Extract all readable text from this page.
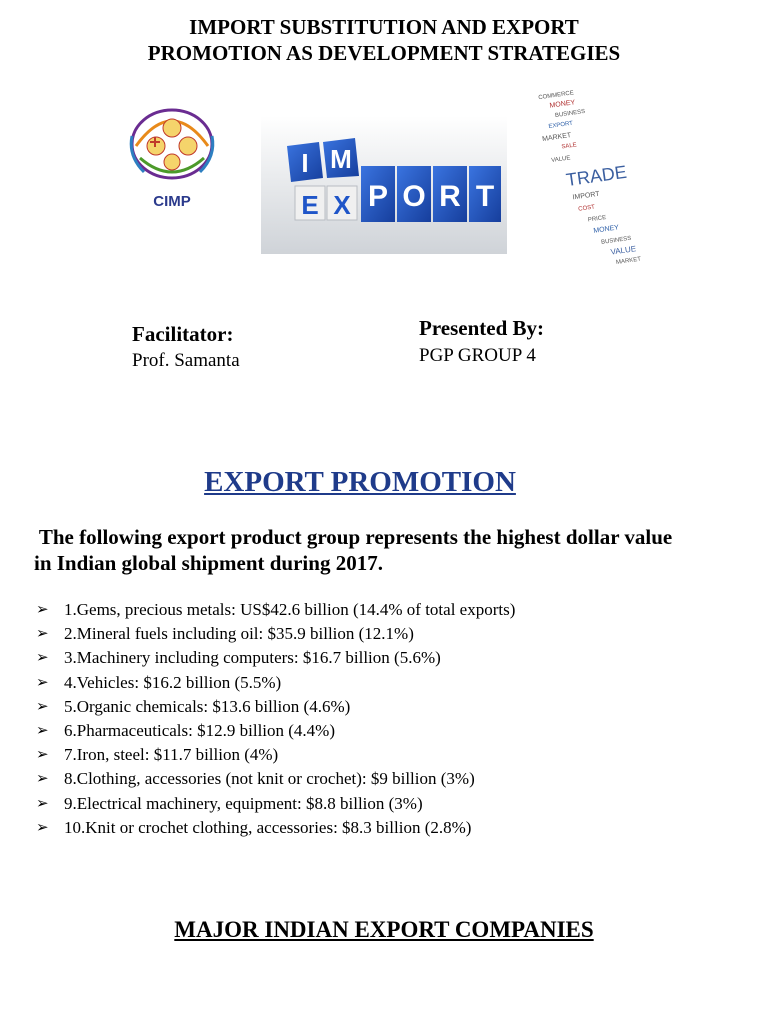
IMPORT SUBSTITUTION AND EXPORT
PROMOTION AS DEVELOPMENT STRATEGIES
CIMP
I M
E X P O R T
COMMERCE
MONEY
BUSINESS
EXPORT
MARKET
SALE
VALUE
TRADE
IMPORT
COST
PRICE
MONEY
BUSINESS
VALUE
MARKET
Facilitator:
Prof. Samanta
Presented By:
PGP GROUP 4
EXPORT PROMOTION
The following export product group represents the highest dollar value
in Indian global shipment during 2017.
➢ 1.Gems, precious metals: US$42.6 billion (14.4% of total exports)
➢ 2.Mineral fuels including oil: $35.9 billion (12.1%)
➢ 3.Machinery including computers: $16.7 billion (5.6%)
➢ 4.Vehicles: $16.2 billion (5.5%)
➢ 5.Organic chemicals: $13.6 billion (4.6%)
➢ 6.Pharmaceuticals: $12.9 billion (4.4%)
➢ 7.Iron, steel: $11.7 billion (4%)
➢ 8.Clothing, accessories (not knit or crochet): $9 billion (3%)
➢ 9.Electrical machinery, equipment: $8.8 billion (3%)
➢ 10.Knit or crochet clothing, accessories: $8.3 billion (2.8%)
MAJOR INDIAN EXPORT COMPANIES
